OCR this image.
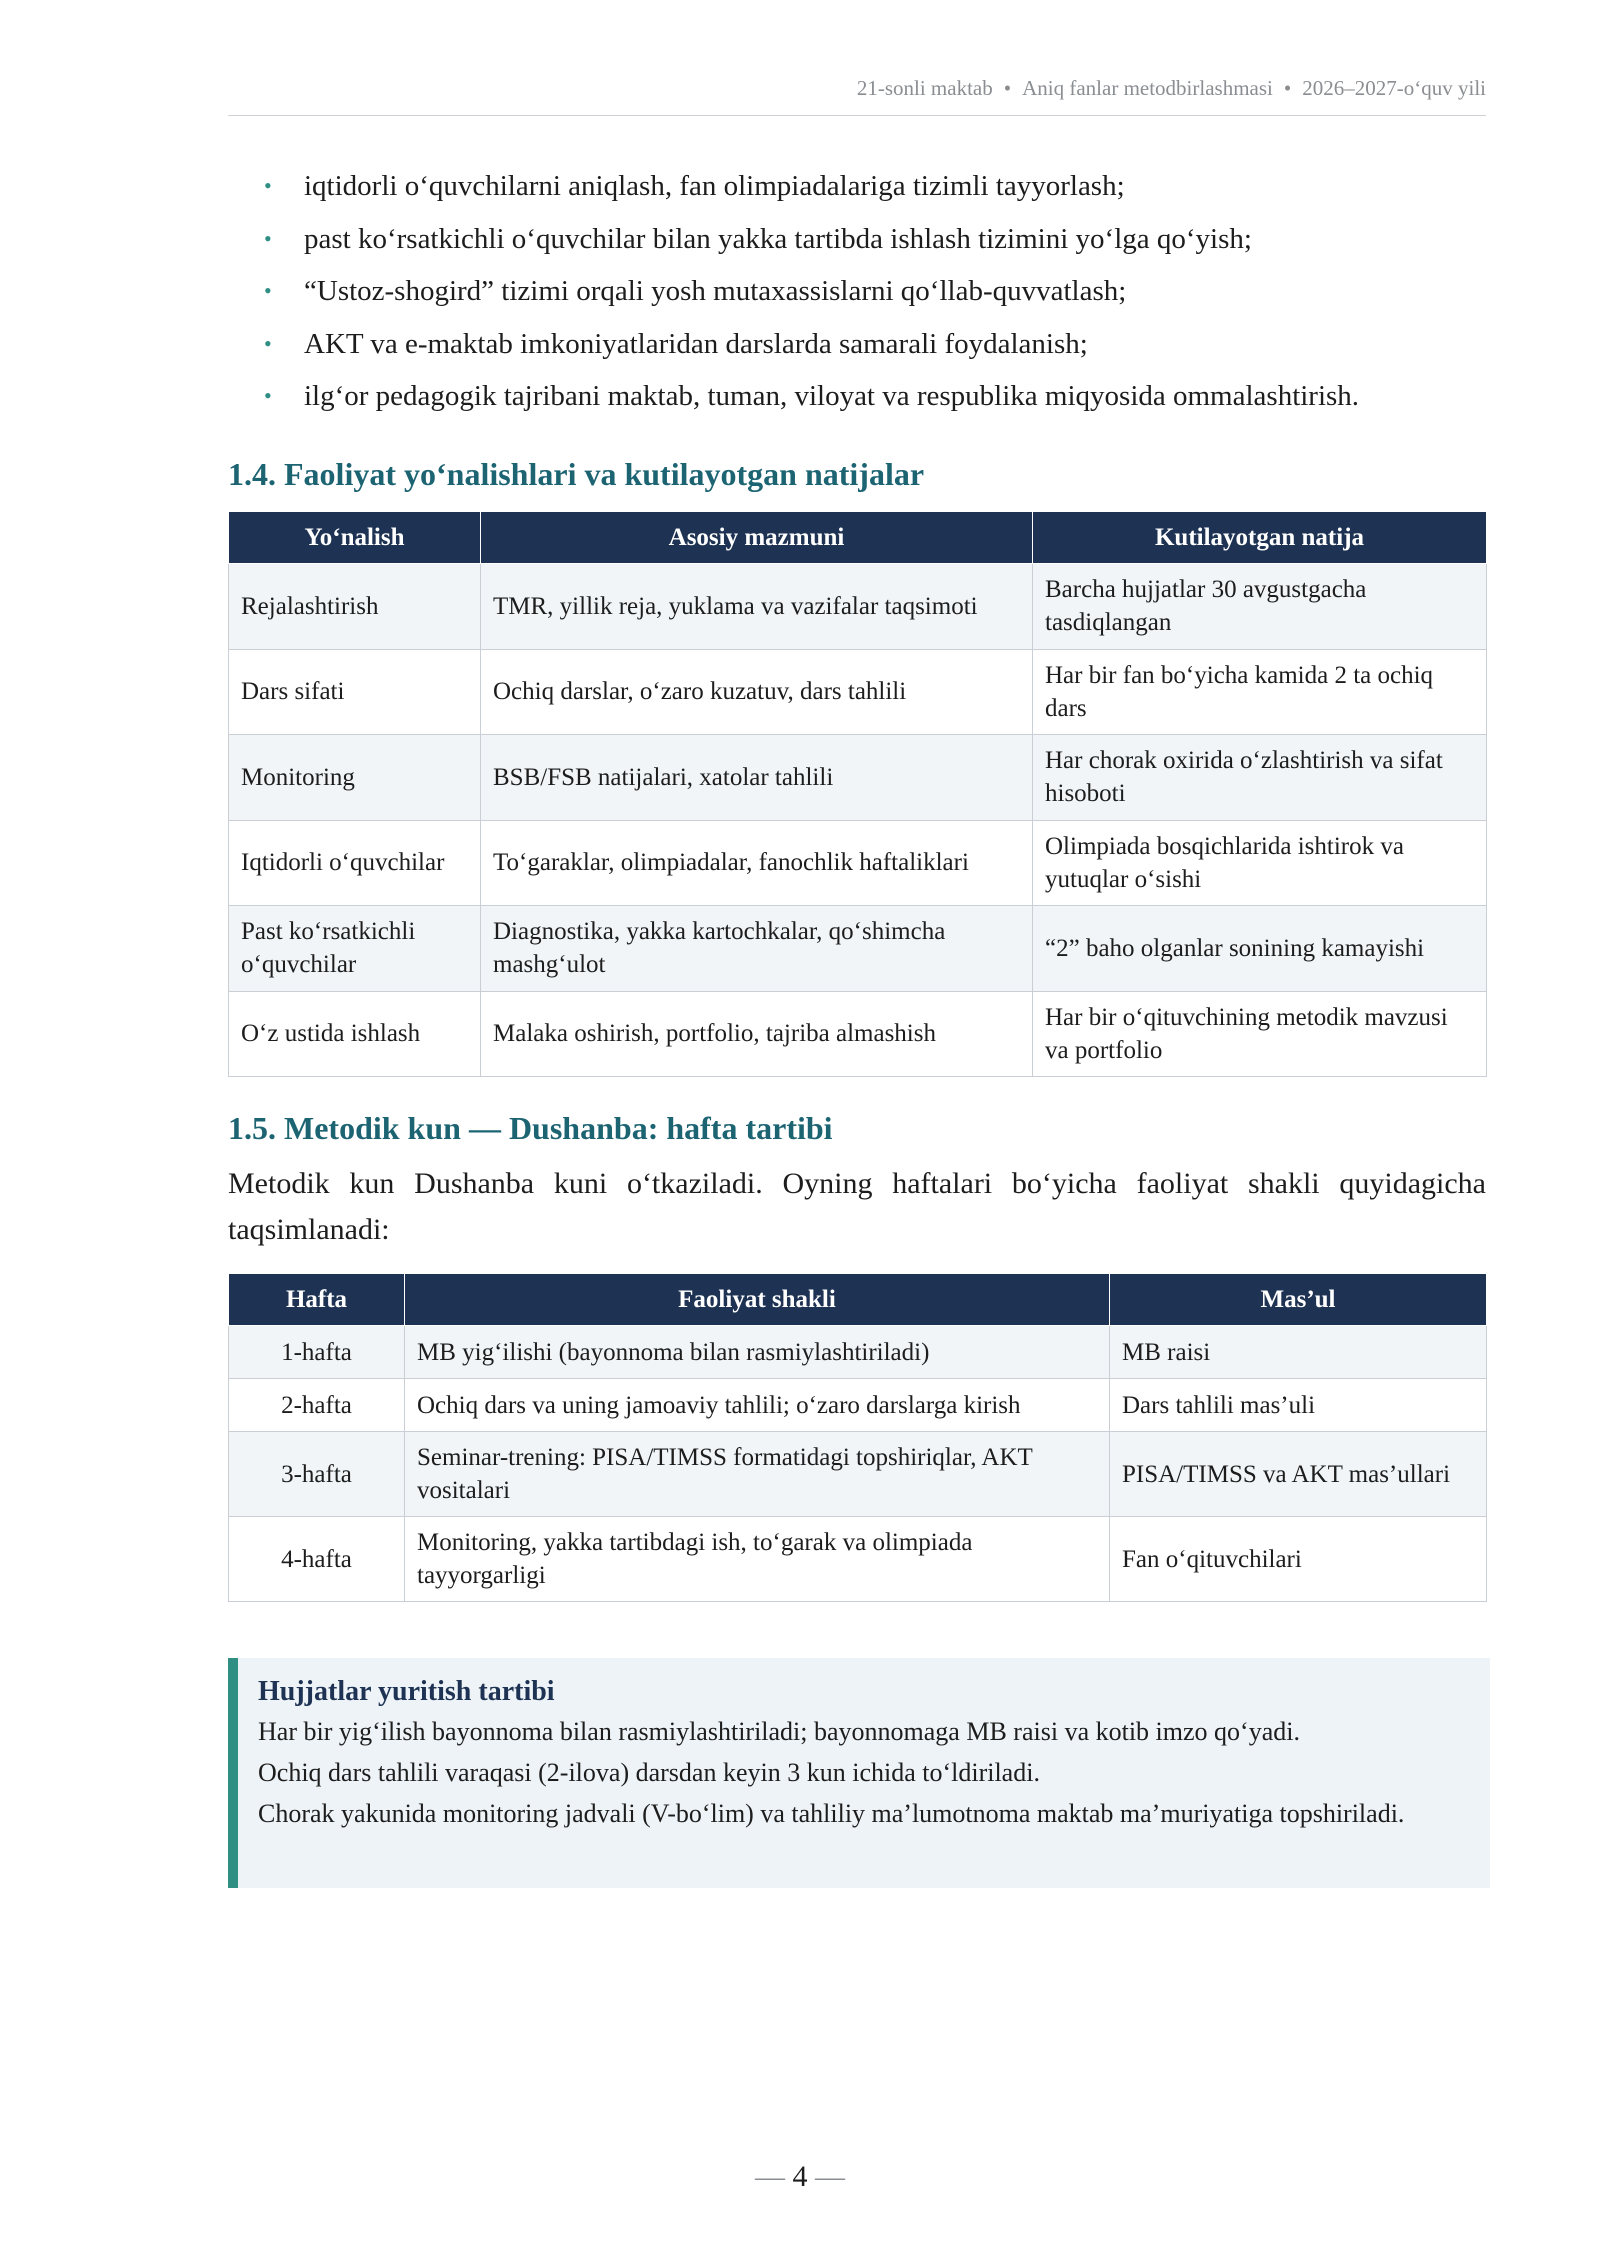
21-sonli maktab • Aniq fanlar metodbirlashmasi • 2026–2027-o‘quv yili
• iqtidorli o‘quvchilarni aniqlash, fan olimpiadalariga tizimli tayyorlash;
• past ko‘rsatkichli o‘quvchilar bilan yakka tartibda ishlash tizimini yo‘lga qo‘yish;
• “Ustoz-shogird” tizimi orqali yosh mutaxassislarni qo‘llab-quvvatlash;
• AKT va e-maktab imkoniyatlaridan darslarda samarali foydalanish;
• ilg‘or pedagogik tajribani maktab, tuman, viloyat va respublika miqyosida ommalashtirish.
1.4. Faoliyat yo‘nalishlari va kutilayotgan natijalar
Yo‘nalish	Asosiy mazmuni	Kutilayotgan natija
Rejalashtirish	TMR, yillik reja, yuklama va vazifalar taqsimoti	Barcha hujjatlar 30 avgustgacha tasdiqlangan
Dars sifati	Ochiq darslar, o‘zaro kuzatuv, dars tahlili	Har bir fan bo‘yicha kamida 2 ta ochiq dars
Monitoring	BSB/FSB natijalari, xatolar tahlili	Har chorak oxirida o‘zlashtirish va sifat hisoboti
Iqtidorli o‘quvchilar	To‘garaklar, olimpiadalar, fanochlik haftaliklari	Olimpiada bosqichlarida ishtirok va yutuqlar o‘sishi
Past ko‘rsatkichli o‘quvchilar	Diagnostika, yakka kartochkalar, qo‘shimcha mashg‘ulot	“2” baho olganlar sonining kamayishi
O‘z ustida ishlash	Malaka oshirish, portfolio, tajriba almashish	Har bir o‘qituvchining metodik mavzusi va portfolio
1.5. Metodik kun — Dushanba: hafta tartibi

Metodik kun Dushanba kuni o‘tkaziladi. Oyning haftalari bo‘yicha faoliyat shakli quyidagicha taqsimlanadi:

Hafta	Faoliyat shakli	Mas’ul
1-hafta	MB yig‘ilishi (bayonnoma bilan rasmiylashtiriladi)	MB raisi
2-hafta	Ochiq dars va uning jamoaviy tahlili; o‘zaro darslarga kirish	Dars tahlili mas’uli
3-hafta	Seminar-trening: PISA/TIMSS formatidagi topshiriqlar, AKT vositalari	PISA/TIMSS va AKT mas’ullari
4-hafta	Monitoring, yakka tartibdagi ish, to‘garak va olimpiada tayyorgarligi	Fan o‘qituvchilari
Hujjatlar yuritish tartibi

Har bir yig‘ilish bayonnoma bilan rasmiylashtiriladi; bayonnomaga MB raisi va kotib imzo qo‘yadi.

Ochiq dars tahlili varaqasi (2-ilova) darsdan keyin 3 kun ichida to‘ldiriladi.

Chorak yakunida monitoring jadvali (V-bo‘lim) va tahliliy ma’lumotnoma maktab ma’muriyatiga topshiriladi.

— 4 —
